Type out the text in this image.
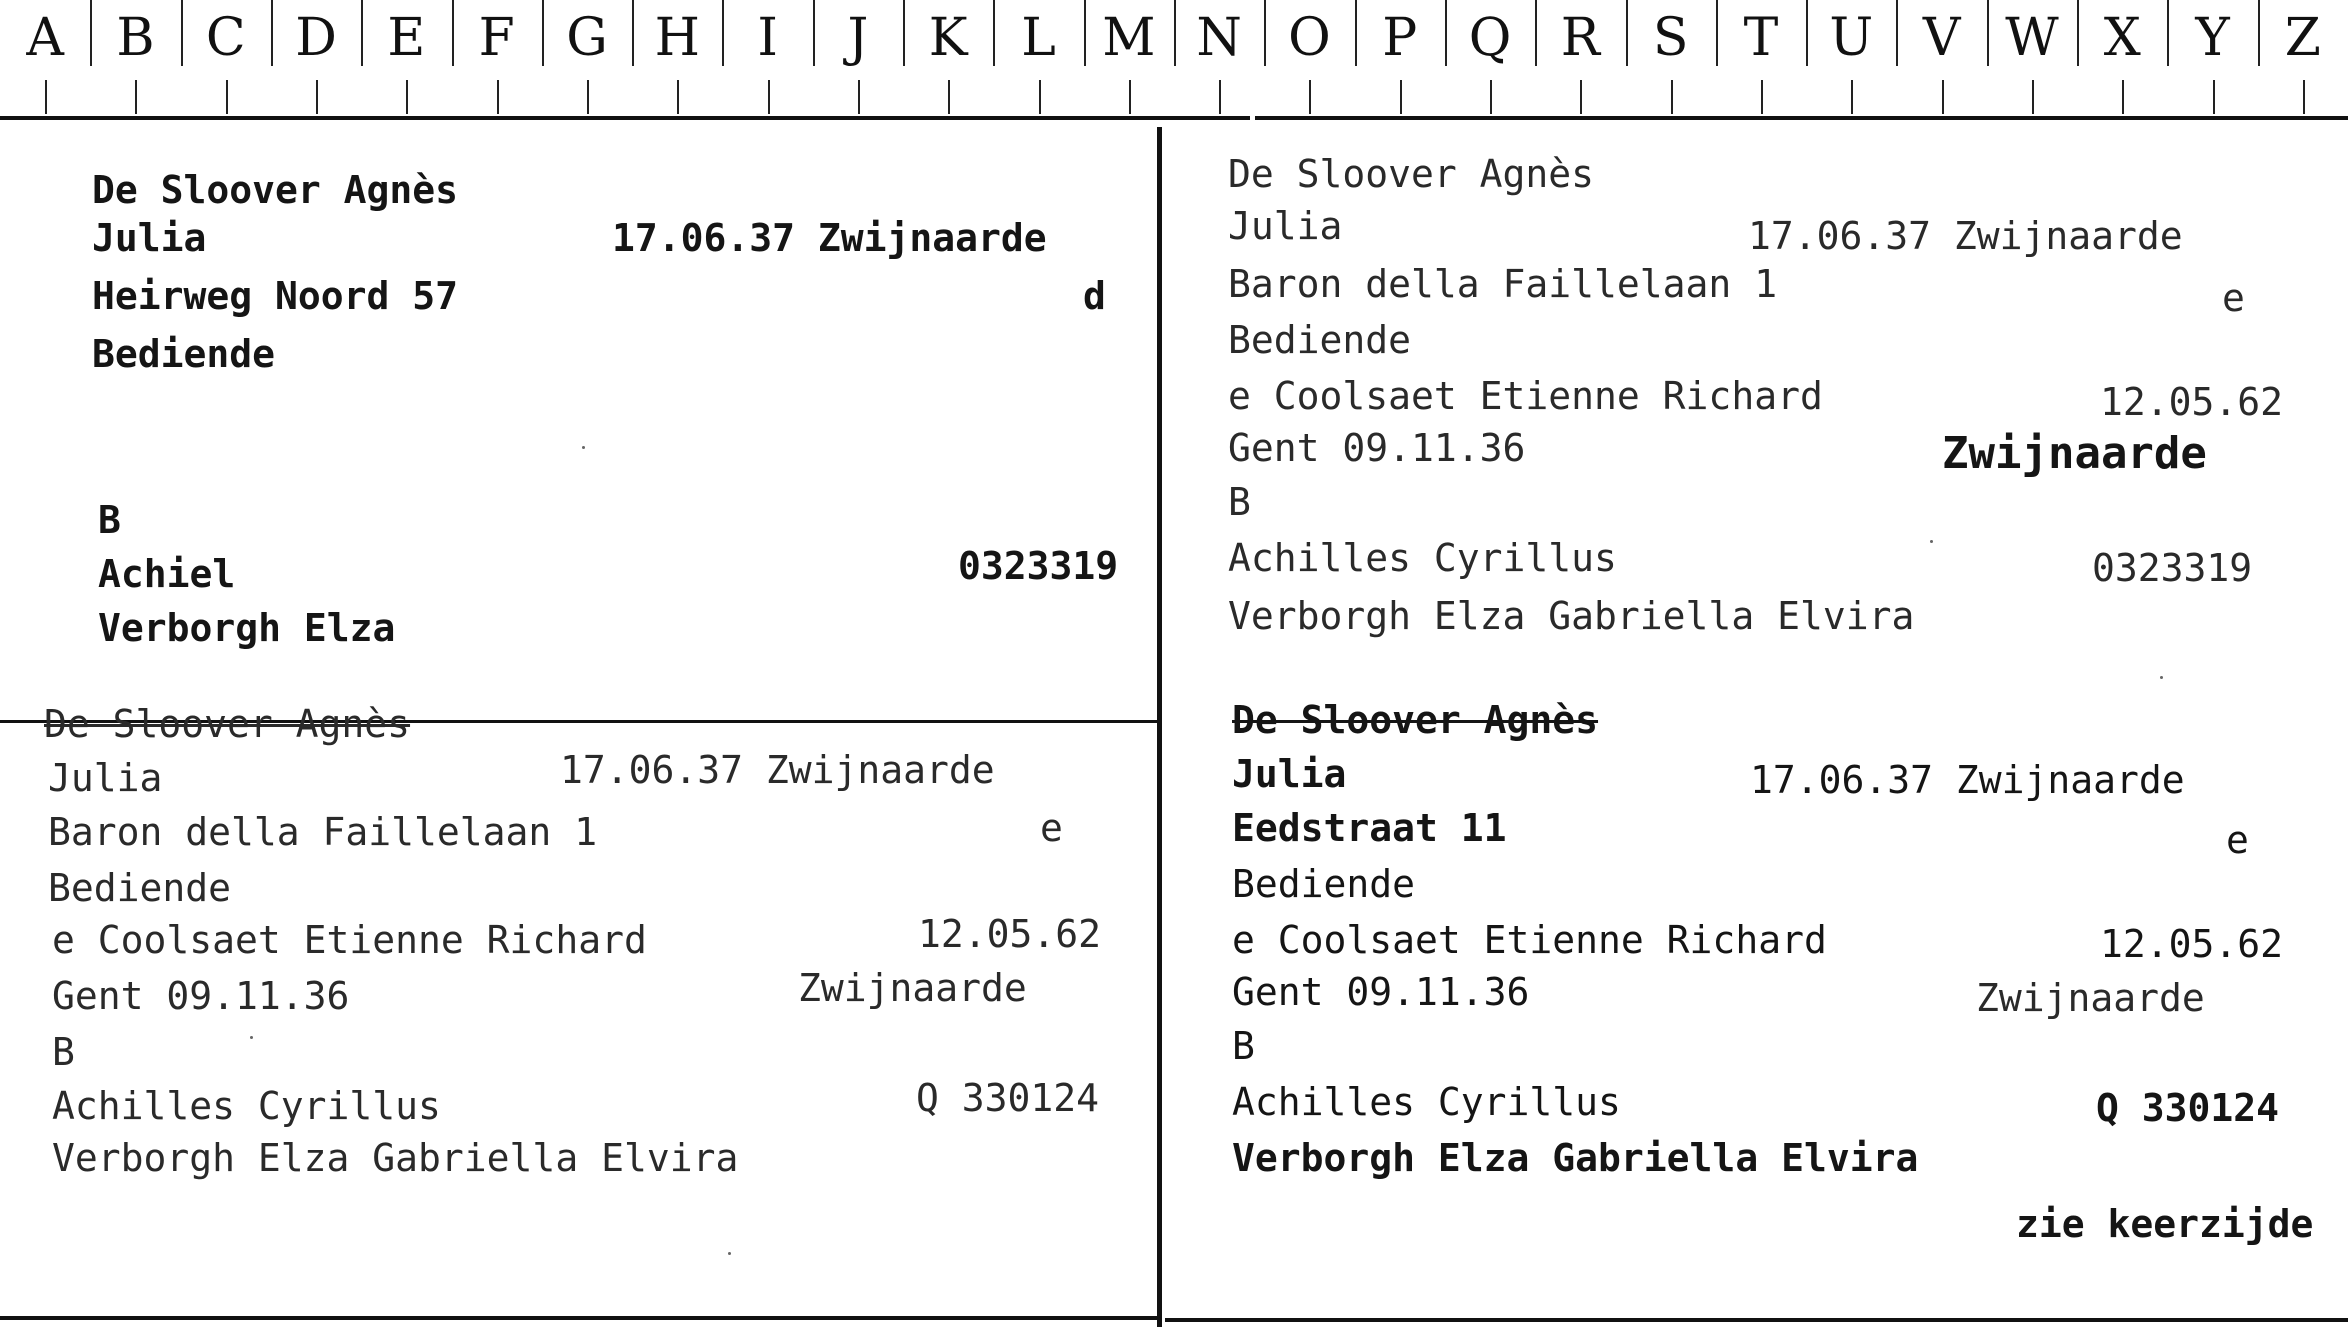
A	B C D E	F G H	I	J	K	L M N O P Q R	S	T U V W X	Y	Z
De Sloover Agnès
Julia	17.06.37 Zwijnaarde
Heirweg Noord 57	d
Bediende
B
Achiel	0323319
Verborgh Elza
De Sloover Agnès
Julia	17.06.37 Zwijnaarde
Baron della Faillelaan 1	e
Bediende
e Coolsaet Etienne Richard	12.05.62
Gent 09.11.36	Zwijnaarde
B
Achilles Cyrillus	0323319
Verborgh Elza Gabriella Elvira
De Sloover Agnès
Julia	17.06.37 Zwijnaarde
Baron della Faillelaan 1	e
Bediende
e Coolsaet Etienne Richard	12.05.62
Gent 09.11.36	Zwijnaarde
B
Achilles Cyrillus	Q 330124
Verborgh Elza Gabriella Elvira
De Sloover Agnès
Julia	17.06.37 Zwijnaarde
Eedstraat 11	e
Bediende
e Coolsaet Etienne Richard	12.05.62
Gent 09.11.36	Zwijnaarde
B
Achilles Cyrillus	Q 330124
Verborgh Elza Gabriella Elvira
zie keerzijde
